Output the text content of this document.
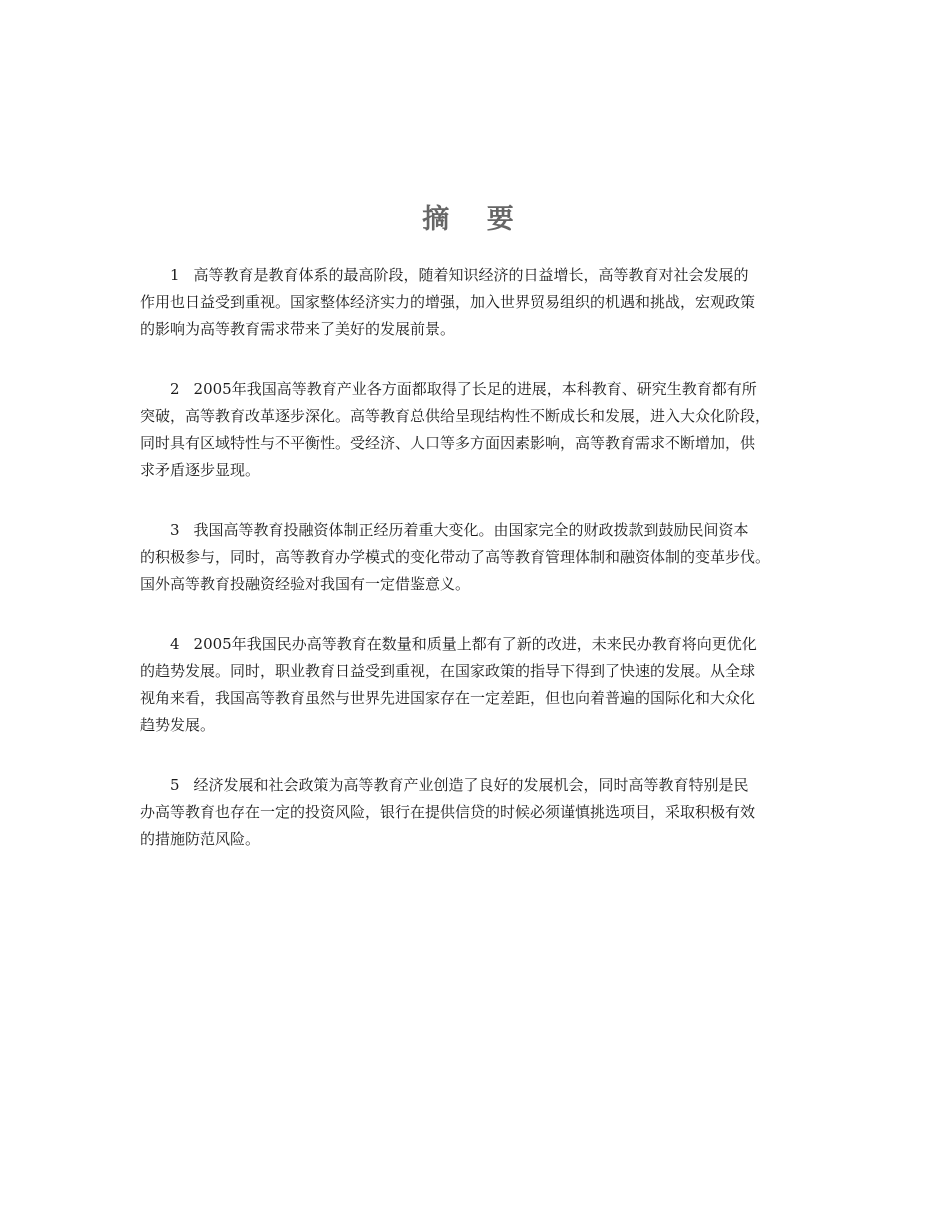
摘 要

1 高等教育是教育体系的最高阶段，随着知识经济的日益增长，高等教育对社会发展的
作用也日益受到重视。国家整体经济实力的增强，加入世界贸易组织的机遇和挑战，宏观政策
的影响为高等教育需求带来了美好的发展前景。

2 2005年我国高等教育产业各方面都取得了长足的进展，本科教育、研究生教育都有所
突破，高等教育改革逐步深化。高等教育总供给呈现结构性不断成长和发展，进入大众化阶段，
同时具有区域特性与不平衡性。受经济、人口等多方面因素影响，高等教育需求不断增加，供
求矛盾逐步显现。

3 我国高等教育投融资体制正经历着重大变化。由国家完全的财政拨款到鼓励民间资本
的积极参与，同时，高等教育办学模式的变化带动了高等教育管理体制和融资体制的变革步伐。
国外高等教育投融资经验对我国有一定借鉴意义。

4 2005年我国民办高等教育在数量和质量上都有了新的改进，未来民办教育将向更优化
的趋势发展。同时，职业教育日益受到重视，在国家政策的指导下得到了快速的发展。从全球
视角来看，我国高等教育虽然与世界先进国家存在一定差距，但也向着普遍的国际化和大众化
趋势发展。

5 经济发展和社会政策为高等教育产业创造了良好的发展机会，同时高等教育特别是民
办高等教育也存在一定的投资风险，银行在提供信贷的时候必须谨慎挑选项目，采取积极有效
的措施防范风险。
